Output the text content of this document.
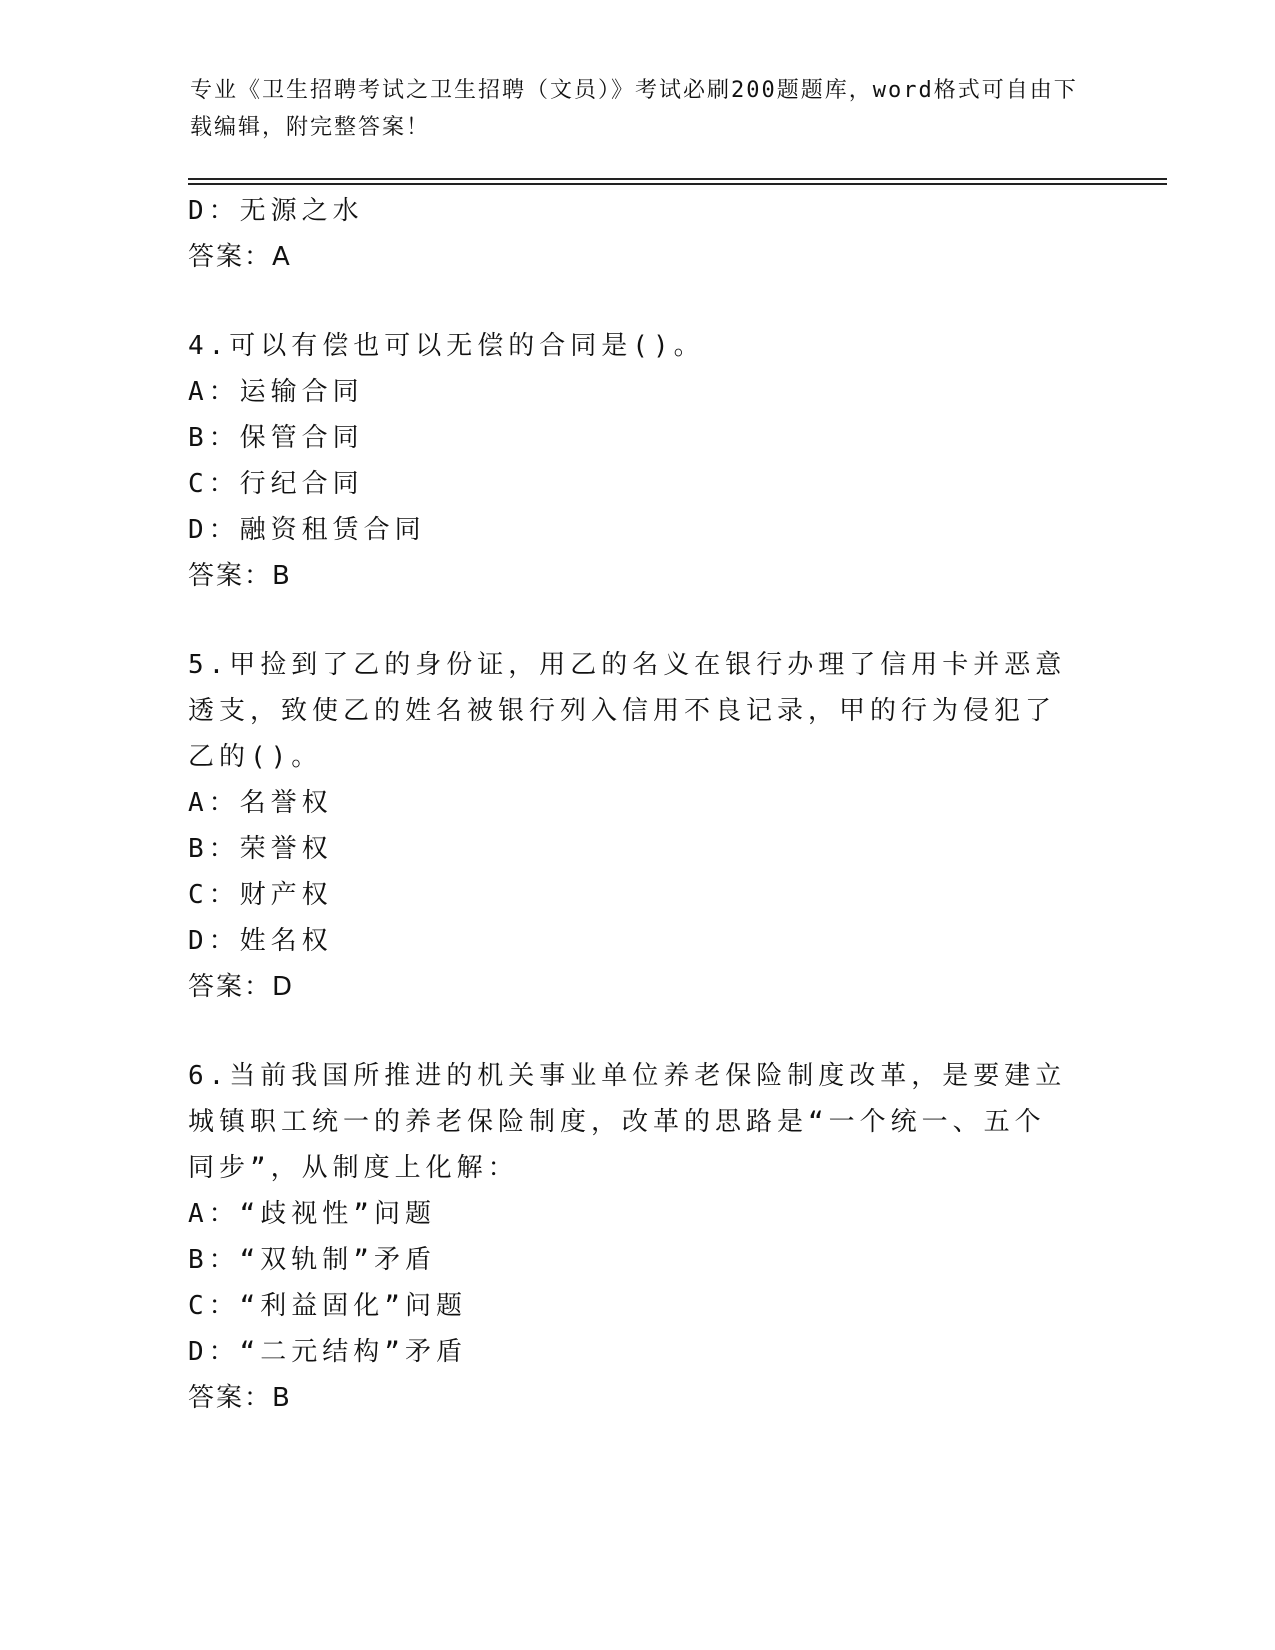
专业《卫生招聘考试之卫生招聘（文员）》考试必刷200题题库，word格式可自由下载编辑，附完整答案！
D：无源之水
答案：A
4.可以有偿也可以无偿的合同是()。
A：运输合同
B：保管合同
C：行纪合同
D：融资租赁合同
答案：B
5.甲捡到了乙的身份证，用乙的名义在银行办理了信用卡并恶意透支，致使乙的姓名被银行列入信用不良记录，甲的行为侵犯了乙的()。
A：名誉权
B：荣誉权
C：财产权
D：姓名权
答案：D
6.当前我国所推进的机关事业单位养老保险制度改革，是要建立城镇职工统一的养老保险制度，改革的思路是“一个统一、五个同步”，从制度上化解：
A：“歧视性”问题
B：“双轨制”矛盾
C：“利益固化”问题
D：“二元结构”矛盾
答案：B
